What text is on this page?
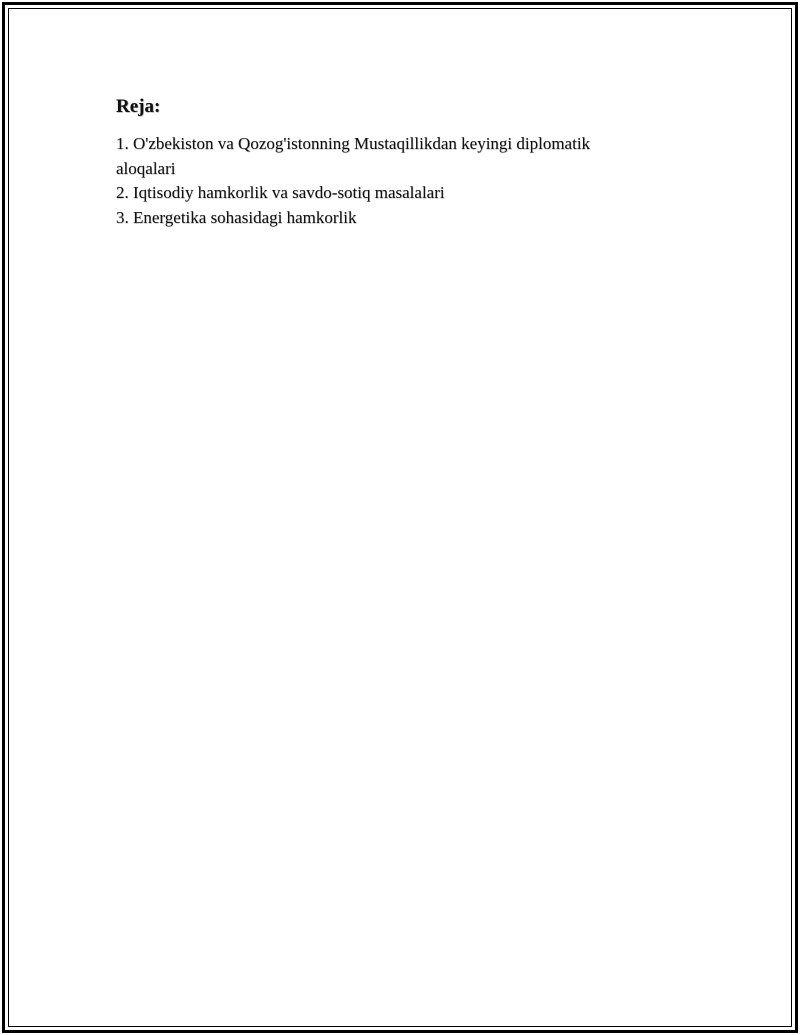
Reja:
1. O'zbekiston va Qozog'istonning Mustaqillikdan keyingi diplomatik aloqalari
2. Iqtisodiy hamkorlik va savdo-sotiq masalalari
3. Energetika sohasidagi hamkorlik
